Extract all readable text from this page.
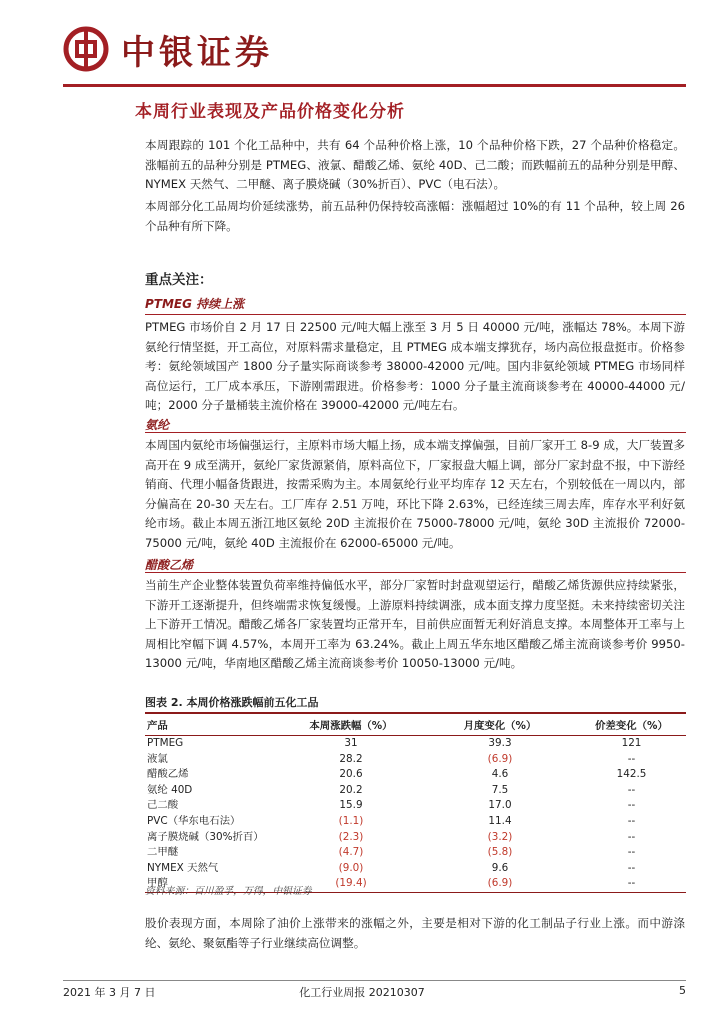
中银证券
本周行业表现及产品价格变化分析

本周跟踪的 101 个化工品种中，共有 64 个品种价格上涨，10 个品种价格下跌，27 个品种价格稳定。涨幅前五的品种分别是 PTMEG、液氯、醋酸乙烯、氨纶 40D、己二酸；而跌幅前五的品种分别是甲醇、NYMEX 天然气、二甲醚、离子膜烧碱（30%折百）、PVC（电石法）。

本周部分化工品周均价延续涨势，前五品种仍保持较高涨幅：涨幅超过 10%的有 11 个品种，较上周 26 个品种有所下降。

重点关注：
PTMEG 持续上涨

PTMEG 市场价自 2 月 17 日 22500 元/吨大幅上涨至 3 月 5 日 40000 元/吨，涨幅达 78%。本周下游氨纶行情坚挺，开工高位，对原料需求量稳定，且 PTMEG 成本端支撑犹存，场内高位报盘挺市。价格参考：氨纶领域国产 1800 分子量实际商谈参考 38000-42000 元/吨。国内非氨纶领域 PTMEG 市场同样高位运行，工厂成本承压，下游刚需跟进。价格参考：1000 分子量主流商谈参考在 40000-44000 元/吨；2000 分子量桶装主流价格在 39000-42000 元/吨左右。

氨纶

本周国内氨纶市场偏强运行，主原料市场大幅上扬，成本端支撑偏强，目前厂家开工 8-9 成，大厂装置多高开在 9 成至满开，氨纶厂家货源紧俏，原料高位下，厂家报盘大幅上调，部分厂家封盘不报，中下游经销商、代理小幅备货跟进，按需采购为主。本周氨纶行业平均库存 12 天左右，个别较低在一周以内，部分偏高在 20-30 天左右。工厂库存 2.51 万吨，环比下降 2.63%，已经连续三周去库，库存水平利好氨纶市场。截止本周五浙江地区氨纶 20D 主流报价在 75000-78000 元/吨，氨纶 30D 主流报价 72000-75000 元/吨，氨纶 40D 主流报价在 62000-65000 元/吨。

醋酸乙烯

当前生产企业整体装置负荷率维持偏低水平，部分厂家暂时封盘观望运行，醋酸乙烯货源供应持续紧张，下游开工逐渐提升，但终端需求恢复缓慢。上游原料持续调涨，成本面支撑力度坚挺。未来持续密切关注上下游开工情况。醋酸乙烯各厂家装置均正常开车，目前供应面暂无利好消息支撑。本周整体开工率与上周相比窄幅下调 4.57%，本周开工率为 63.24%。截止上周五华东地区醋酸乙烯主流商谈参考价 9950-13000 元/吨，华南地区醋酸乙烯主流商谈参考价 10050-13000 元/吨。

图表 2. 本周价格涨跌幅前五化工品
产品	本周涨跌幅（%）	月度变化（%）	价差变化（%）
PTMEG	31	39.3	121
液氯	28.2	(6.9)	--
醋酸乙烯	20.6	4.6	142.5
氨纶 40D	20.2	7.5	--
己二酸	15.9	17.0	--
PVC（华东电石法）	(1.1)	11.4	--
离子膜烧碱（30%折百）	(2.3)	(3.2)	--
二甲醚	(4.7)	(5.8)	--
NYMEX 天然气	(9.0)	9.6	--
甲醇	(19.4)	(6.9)	--
资料来源：百川盈孚，万得，中银证券

股价表现方面，本周除了油价上涨带来的涨幅之外，主要是相对下游的化工制品子行业上涨。而中游涤纶、氨纶、聚氨酯等子行业继续高位调整。

2021 年 3 月 7 日	化工行业周报 20210307	5
